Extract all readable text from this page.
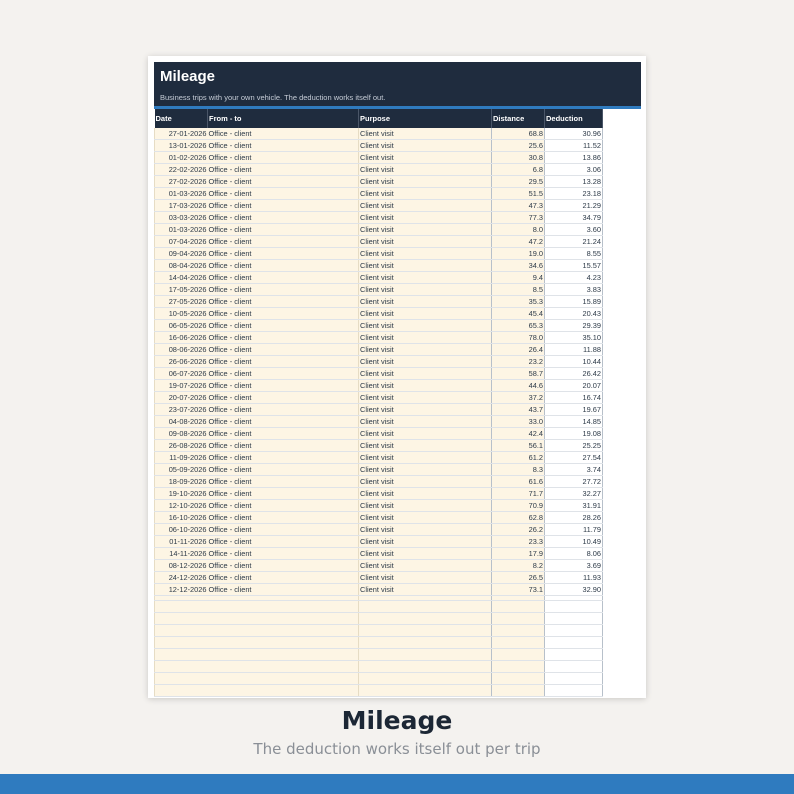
Mileage
Business trips with your own vehicle. The deduction works itself out.
Date	From - to	Purpose	Distance	Deduction
27-01-2026	Office - client	Client visit	68.8	30.96
13-01-2026	Office - client	Client visit	25.6	11.52
01-02-2026	Office - client	Client visit	30.8	13.86
22-02-2026	Office - client	Client visit	6.8	3.06
27-02-2026	Office - client	Client visit	29.5	13.28
01-03-2026	Office - client	Client visit	51.5	23.18
17-03-2026	Office - client	Client visit	47.3	21.29
03-03-2026	Office - client	Client visit	77.3	34.79
01-03-2026	Office - client	Client visit	8.0	3.60
07-04-2026	Office - client	Client visit	47.2	21.24
09-04-2026	Office - client	Client visit	19.0	8.55
08-04-2026	Office - client	Client visit	34.6	15.57
14-04-2026	Office - client	Client visit	9.4	4.23
17-05-2026	Office - client	Client visit	8.5	3.83
27-05-2026	Office - client	Client visit	35.3	15.89
10-05-2026	Office - client	Client visit	45.4	20.43
06-05-2026	Office - client	Client visit	65.3	29.39
16-06-2026	Office - client	Client visit	78.0	35.10
08-06-2026	Office - client	Client visit	26.4	11.88
26-06-2026	Office - client	Client visit	23.2	10.44
06-07-2026	Office - client	Client visit	58.7	26.42
19-07-2026	Office - client	Client visit	44.6	20.07
20-07-2026	Office - client	Client visit	37.2	16.74
23-07-2026	Office - client	Client visit	43.7	19.67
04-08-2026	Office - client	Client visit	33.0	14.85
09-08-2026	Office - client	Client visit	42.4	19.08
26-08-2026	Office - client	Client visit	56.1	25.25
11-09-2026	Office - client	Client visit	61.2	27.54
05-09-2026	Office - client	Client visit	8.3	3.74
18-09-2026	Office - client	Client visit	61.6	27.72
19-10-2026	Office - client	Client visit	71.7	32.27
12-10-2026	Office - client	Client visit	70.9	31.91
16-10-2026	Office - client	Client visit	62.8	28.26
06-10-2026	Office - client	Client visit	26.2	11.79
01-11-2026	Office - client	Client visit	23.3	10.49
14-11-2026	Office - client	Client visit	17.9	8.06
08-12-2026	Office - client	Client visit	8.2	3.69
24-12-2026	Office - client	Client visit	26.5	11.93
12-12-2026	Office - client	Client visit	73.1	32.90

Mileage
The deduction works itself out per trip
